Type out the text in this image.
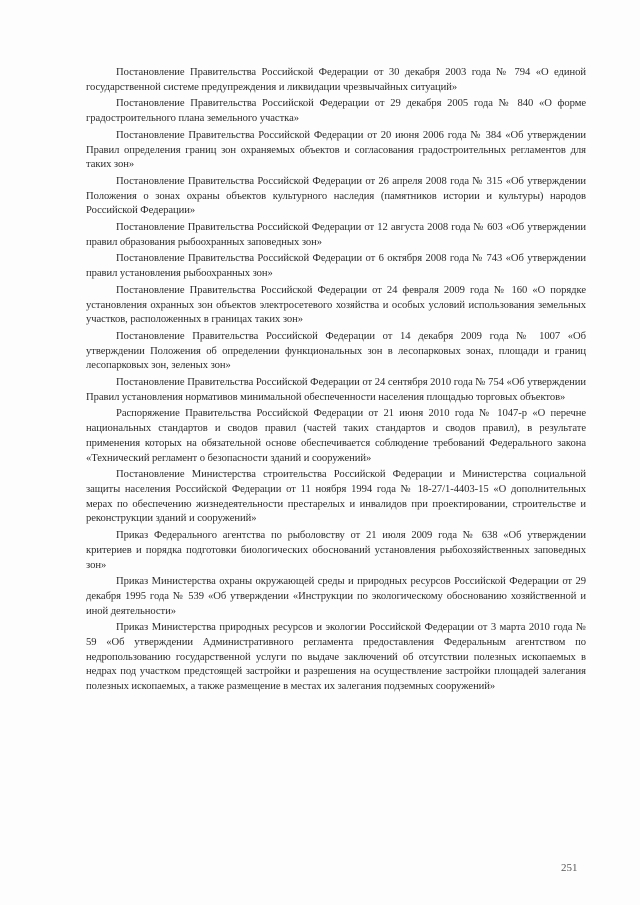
Постановление Правительства Российской Федерации от 30 декабря 2003 года № 794 «О единой государственной системе предупреждения и ликвидации чрезвычайных ситуаций»

Постановление Правительства Российской Федерации от 29 декабря 2005 года № 840 «О форме градостроительного плана земельного участка»

Постановление Правительства Российской Федерации от 20 июня 2006 года № 384 «Об утверждении Правил определения границ зон охраняемых объектов и согласования градостроительных регламентов для таких зон»

Постановление Правительства Российской Федерации от 26 апреля 2008 года № 315 «Об утверждении Положения о зонах охраны объектов культурного наследия (памятников истории и культуры) народов Российской Федерации»

Постановление Правительства Российской Федерации от 12 августа 2008 года № 603 «Об утверждении правил образования рыбоохранных заповедных зон»

Постановление Правительства Российской Федерации от 6 октября 2008 года № 743 «Об утверждении правил установления рыбоохранных зон»

Постановление Правительства Российской Федерации от 24 февраля 2009 года № 160 «О порядке установления охранных зон объектов электросетевого хозяйства и особых условий использования земельных участков, расположенных в границах таких зон»

Постановление Правительства Российской Федерации от 14 декабря 2009 года № 1007 «Об утверждении Положения об определении функциональных зон в лесопарковых зонах, площади и границ лесопарковых зон, зеленых зон»

Постановление Правительства Российской Федерации от 24 сентября 2010 года № 754 «Об утверждении Правил установления нормативов минимальной обеспеченности населения площадью торговых объектов»

Распоряжение Правительства Российской Федерации от 21 июня 2010 года № 1047-р «О перечне национальных стандартов и сводов правил (частей таких стандартов и сводов правил), в результате применения которых на обязательной основе обеспечивается соблюдение требований Федерального закона «Технический регламент о безопасности зданий и сооружений»

Постановление Министерства строительства Российской Федерации и Министерства социальной защиты населения Российской Федерации от 11 ноября 1994 года № 18-27/1-4403-15 «О дополнительных мерах по обеспечению жизнедеятельности престарелых и инвалидов при проектировании, строительстве и реконструкции зданий и сооружений»

Приказ Федерального агентства по рыболовству от 21 июля 2009 года № 638 «Об утверждении критериев и порядка подготовки биологических обоснований установления рыбохозяйственных заповедных зон»

Приказ Министерства охраны окружающей среды и природных ресурсов Российской Федерации от 29 декабря 1995 года № 539 «Об утверждении «Инструкции по экологическому обоснованию хозяйственной и иной деятельности»

Приказ Министерства природных ресурсов и экологии Российской Федерации от 3 марта 2010 года № 59 «Об утверждении Административного регламента предоставления Федеральным агентством по недропользованию государственной услуги по выдаче заключений об отсутствии полезных ископаемых в недрах под участком предстоящей застройки и разрешения на осуществление застройки площадей залегания полезных ископаемых, а также размещение в местах их залегания подземных сооружений»

251
